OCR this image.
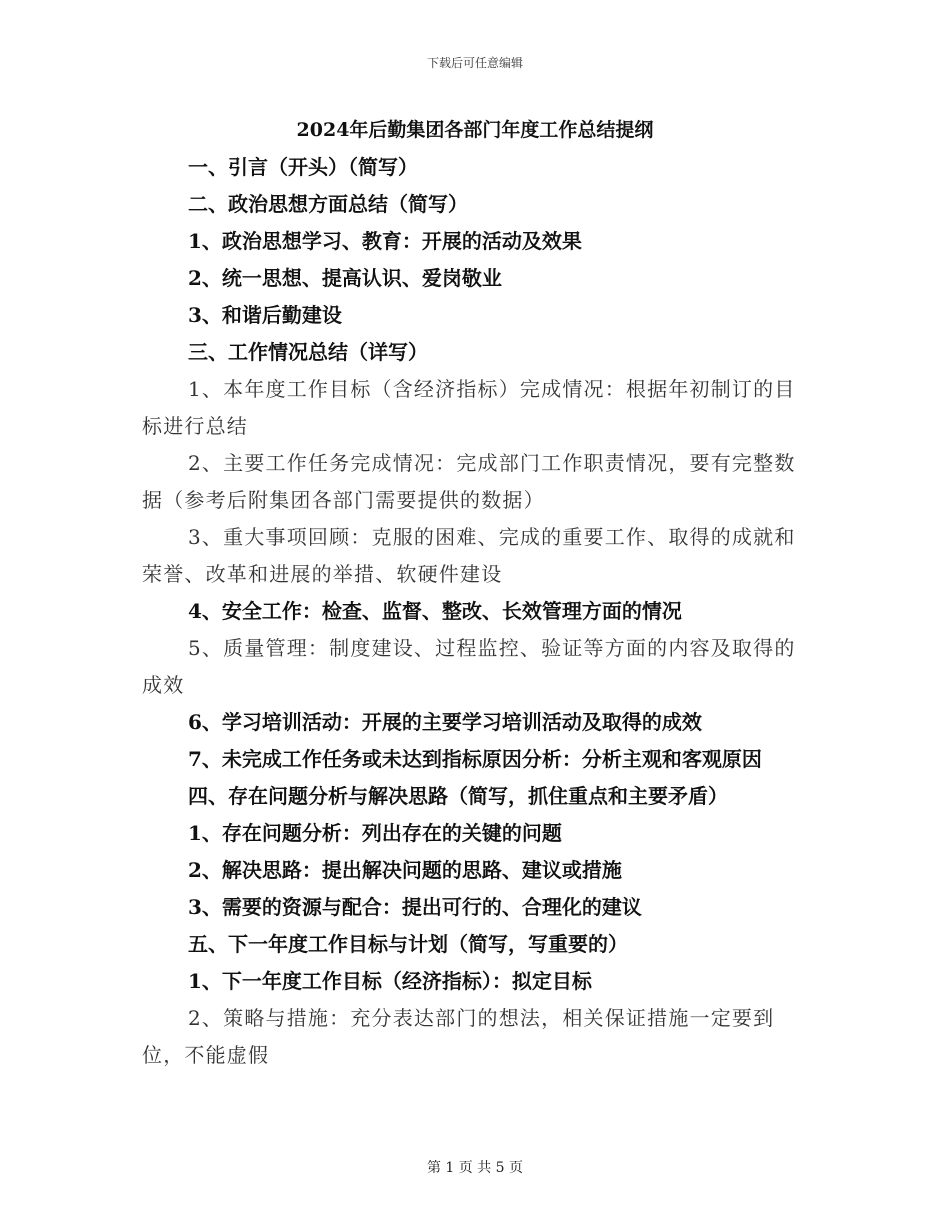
下载后可任意编辑
2024年后勤集团各部门年度工作总结提纲

一、引言（开头）（简写）

二、政治思想方面总结（简写）

1、政治思想学习、教育：开展的活动及效果

2、统一思想、提高认识、爱岗敬业

3、和谐后勤建设

三、工作情况总结（详写）

1、本年度工作目标（含经济指标）完成情况：根据年初制订的目标进行总结

2、主要工作任务完成情况：完成部门工作职责情况，要有完整数据（参考后附集团各部门需要提供的数据）

3、重大事项回顾：克服的困难、完成的重要工作、取得的成就和荣誉、改革和进展的举措、软硬件建设

4、安全工作：检查、监督、整改、长效管理方面的情况

5、质量管理：制度建设、过程监控、验证等方面的内容及取得的成效

6、学习培训活动：开展的主要学习培训活动及取得的成效

7、未完成工作任务或未达到指标原因分析：分析主观和客观原因

四、存在问题分析与解决思路（简写，抓住重点和主要矛盾）

1、存在问题分析：列出存在的关键的问题

2、解决思路：提出解决问题的思路、建议或措施

3、需要的资源与配合：提出可行的、合理化的建议

五、下一年度工作目标与计划（简写，写重要的）

1、下一年度工作目标（经济指标）：拟定目标

2、策略与措施：充分表达部门的想法，相关保证措施一定要到位，不能虚假

第 1 页 共 5 页
